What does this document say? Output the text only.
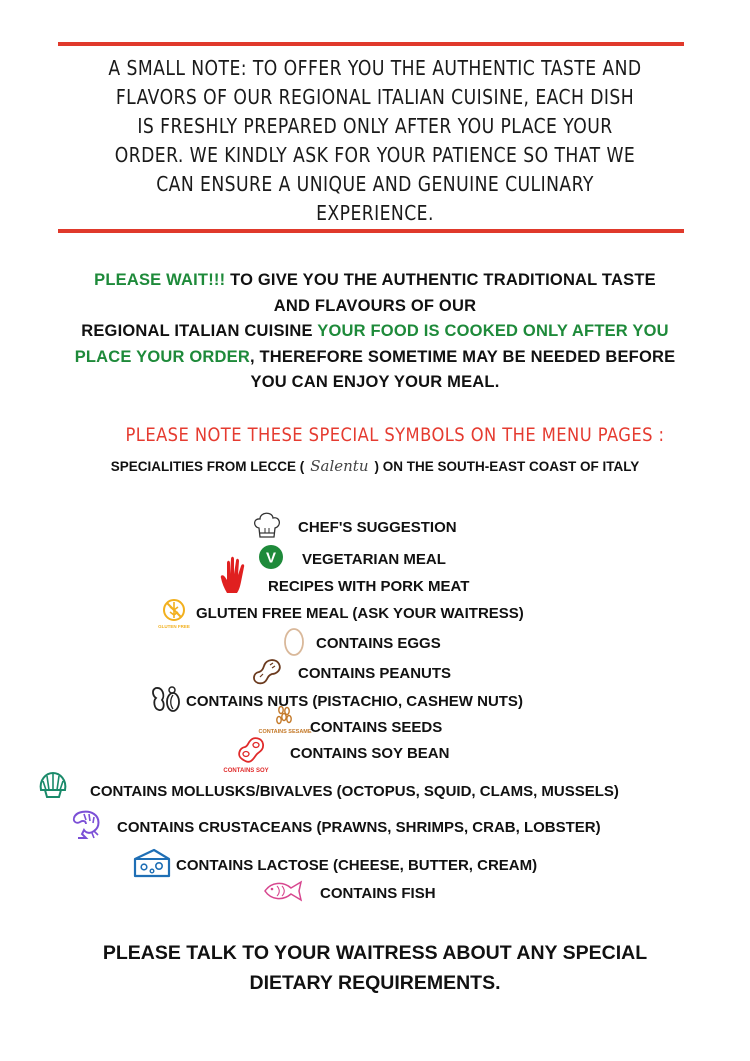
A SMALL NOTE: TO OFFER YOU THE AUTHENTIC TASTE AND
FLAVORS OF OUR REGIONAL ITALIAN CUISINE, EACH DISH
IS FRESHLY PREPARED ONLY AFTER YOU PLACE YOUR
ORDER. WE KINDLY ASK FOR YOUR PATIENCE SO THAT WE
CAN ENSURE A UNIQUE AND GENUINE CULINARY
EXPERIENCE.
PLEASE WAIT!!! TO GIVE YOU THE AUTHENTIC TRADITIONAL TASTE
AND FLAVOURS OF OUR
REGIONAL ITALIAN CUISINE YOUR FOOD IS COOKED ONLY AFTER YOU
PLACE YOUR ORDER, THEREFORE SOMETIME MAY BE NEEDED BEFORE
YOU CAN ENJOY YOUR MEAL.
PLEASE NOTE THESE SPECIAL SYMBOLS ON THE MENU PAGES :
SPECIALITIES FROM LECCE ( Salentu ) ON THE SOUTH-EAST COAST OF ITALY
CHEF'S SUGGESTION
V VEGETARIAN MEAL
RECIPES WITH PORK MEAT
GLUTEN FREE
GLUTEN FREE MEAL (ASK YOUR WAITRESS)
CONTAINS EGGS
CONTAINS PEANUTS
CONTAINS NUTS (PISTACHIO, CASHEW NUTS)
CONTAINS SESAME
CONTAINS SEEDS
CONTAINS SOY
CONTAINS SOY BEAN
CONTAINS MOLLUSKS/BIVALVES (OCTOPUS, SQUID, CLAMS, MUSSELS)
CONTAINS CRUSTACEANS (PRAWNS, SHRIMPS, CRAB, LOBSTER)
CONTAINS LACTOSE (CHEESE, BUTTER, CREAM)
CONTAINS FISH
PLEASE TALK TO YOUR WAITRESS ABOUT ANY SPECIAL
DIETARY REQUIREMENTS.
